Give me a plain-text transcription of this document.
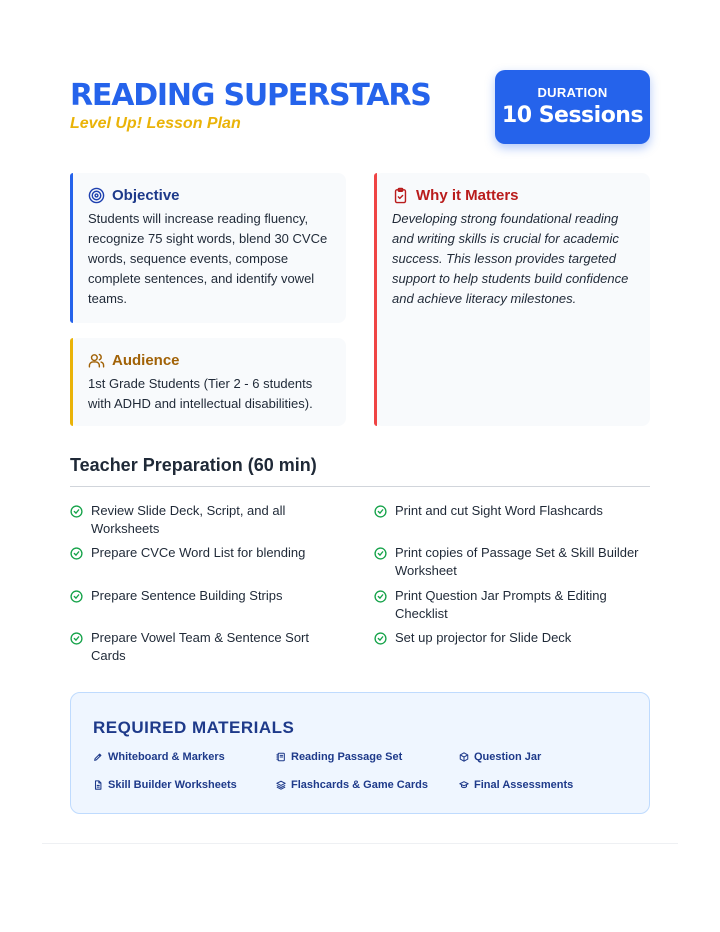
READING SUPERSTARS
Level Up! Lesson Plan
DURATION
10 Sessions
Objective

Students will increase reading fluency, recognize 75 sight words, blend 30 CVCe words, sequence events, compose complete sentences, and identify vowel teams.

Audience

1st Grade Students (Tier 2 - 6 students with ADHD and intellectual disabilities).

Why it Matters

Developing strong foundational reading and writing skills is crucial for academic success. This lesson provides targeted support to help students build confidence and achieve literacy milestones.

Teacher Preparation (60 min)
Review Slide Deck, Script, and all Worksheets
Print and cut Sight Word Flashcards
Prepare CVCe Word List for blending	Print copies of Passage Set & Skill Builder Worksheet
Prepare Sentence Building Strips	Print Question Jar Prompts & Editing Checklist
Prepare Vowel Team & Sentence Sort Cards
Set up projector for Slide Deck
REQUIRED MATERIALS
Whiteboard & Markers	Reading Passage Set	Question Jar
Skill Builder Worksheets	Flashcards & Game Cards	Final Assessments
